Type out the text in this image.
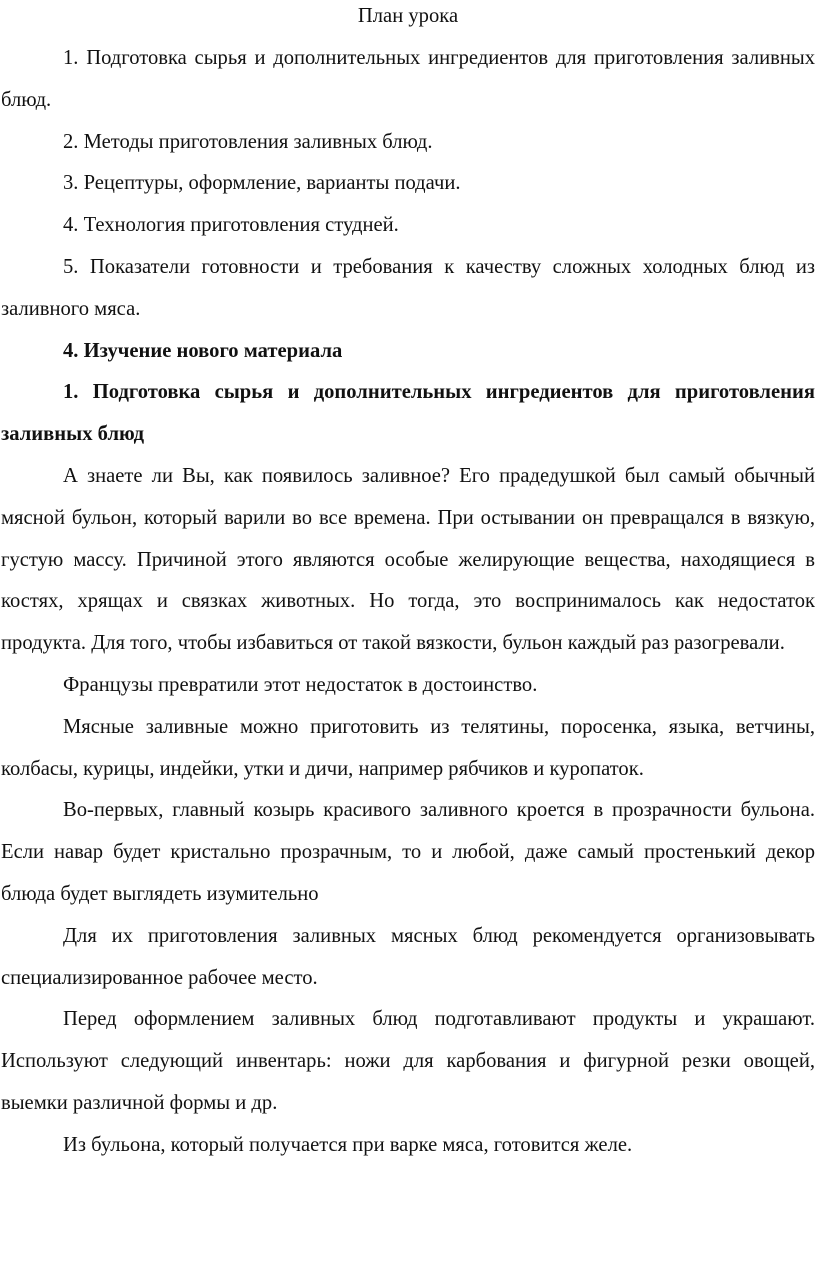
План урока

1. Подготовка сырья и дополнительных ингредиентов для приготовления заливных блюд.

2. Методы приготовления заливных блюд.

3. Рецептуры, оформление, варианты подачи.

4. Технология приготовления студней.

5. Показатели готовности и требования к качеству сложных холодных блюд из заливного мяса.

4. Изучение нового материала

1. Подготовка сырья и дополнительных ингредиентов для приготовления заливных блюд

А знаете ли Вы, как появилось заливное? Его прадедушкой был самый обычный мясной бульон, который варили во все времена. При остывании он превращался в вязкую, густую массу. Причиной этого являются особые желирующие вещества, находящиеся в костях, хрящах и связках животных. Но тогда, это воспринималось как недостаток продукта. Для того, чтобы избавиться от такой вязкости, бульон каждый раз разогревали.

Французы превратили этот недостаток в достоинство.

Мясные заливные можно приготовить из телятины, поросенка, языка, ветчины, колбасы, курицы, индейки, утки и дичи, например рябчиков и куропаток.

Во-первых, главный козырь красивого заливного кроется в прозрачности бульона. Если навар будет кристально прозрачным, то и любой, даже самый простенький декор блюда будет выглядеть изумительно

Для их приготовления заливных мясных блюд рекомендуется организовывать специализированное рабочее место.

Перед оформлением заливных блюд подготавливают продукты и украшают. Используют следующий инвентарь: ножи для карбования и фигурной резки овощей, выемки различной формы и др.

Из бульона, который получается при варке мяса, готовится желе.
